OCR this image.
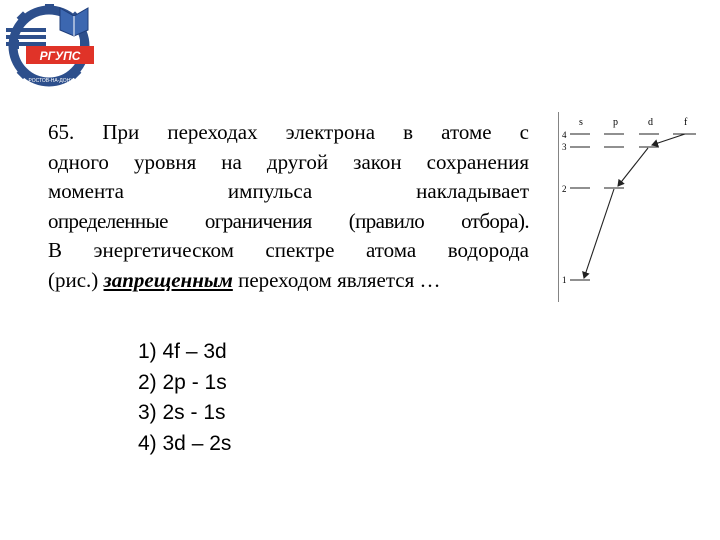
РГУПС
РОСТОВ-НА-ДОНУ
65. При переходах электрона в атоме с
одного уровня на другой закон сохранения
момента импульса накладывает
определенные ограничения (правило отбора).
В энергетическом спектре атома водорода
(рис.) запрещенным переходом является …
1) 4f – 3d
2) 2p - 1s
3) 2s - 1s
4) 3d – 2s
s	p	d	f
4
3
2
1
